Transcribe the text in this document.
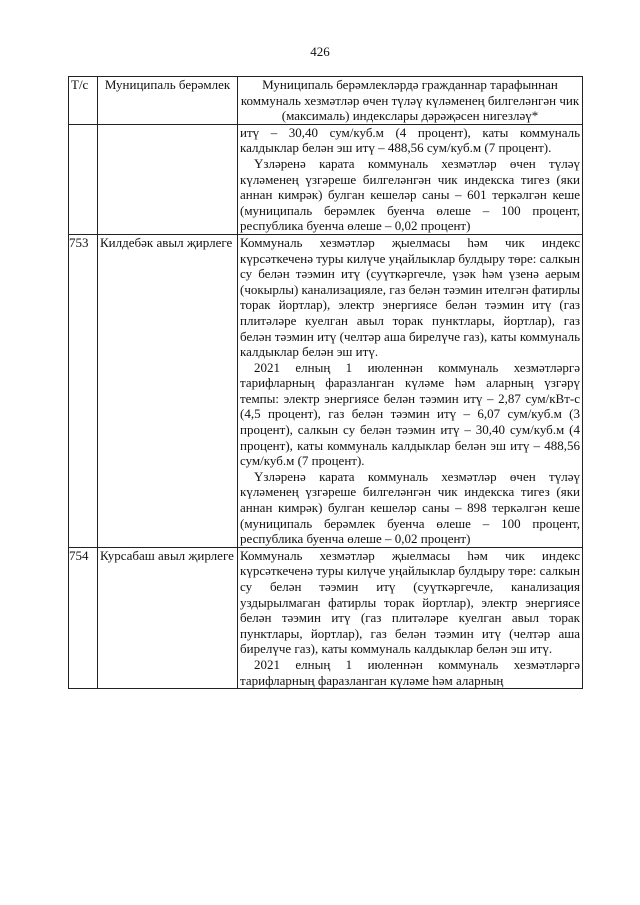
426
Т/с	Муниципаль берәмлек	Муниципаль берәмлекләрдә гражданнар тарафыннан коммуналь хезмәтләр өчен түләү күләменең билгеләнгән чик (максималь) индекслары дәрәҗәсен нигезләү*

		итү – 30,40 сум/куб.м (4 процент), каты коммуналь калдыклар белән эш итү – 488,56 сум/куб.м (7 процент).

Үзләренә карата коммуналь хезмәтләр өчен түләү күләменең үзгәреше билгеләнгән чик индекска тигез (яки аннан кимрәк) булган кешеләр саны – 601 теркәлгән кеше (муниципаль берәмлек буенча өлеше – 100 процент, республика буенча өлеше – 0,02 процент)

753	Килдебәк авыл җирлеге	Коммуналь хезмәтләр җыелмасы һәм чик индекс күрсәткеченә туры килүче уңайлыклар булдыру төре: салкын су белән тәэмин итү (суүткәргечле, үзәк һәм үзенә аерым (чокырлы) канализацияле, газ белән тәэмин ителгән фатирлы торак йортлар), электр энергиясе белән тәэмин итү (газ плитәләре куелган авыл торак пунктлары, йортлар), газ белән тәэмин итү (челтәр аша бирелүче газ), каты коммуналь калдыклар белән эш итү.

2021 елның 1 июленнән коммуналь хезмәтләргә тарифларның фаразланган күләме һәм аларның үзгәрү темпы: электр энергиясе белән тәэмин итү – 2,87 сум/кВт-с (4,5 процент), газ белән тәэмин итү – 6,07 сум/куб.м (3 процент), салкын су белән тәэмин итү – 30,40 сум/куб.м (4 процент), каты коммуналь калдыклар белән эш итү – 488,56 сум/куб.м (7 процент).

Үзләренә карата коммуналь хезмәтләр өчен түләү күләменең үзгәреше билгеләнгән чик индекска тигез (яки аннан кимрәк) булган кешеләр саны – 898 теркәлгән кеше (муниципаль берәмлек буенча өлеше – 100 процент, республика буенча өлеше – 0,02 процент)

754	Курсабаш авыл җирлеге	Коммуналь хезмәтләр җыелмасы һәм чик индекс күрсәткеченә туры килүче уңайлыклар булдыру төре: салкын су белән тәэмин итү (суүткәргечле, канализация уздырылмаган фатирлы торак йортлар), электр энергиясе белән тәэмин итү (газ плитәләре куелган авыл торак пунктлары, йортлар), газ белән тәэмин итү (челтәр аша бирелүче газ), каты коммуналь калдыклар белән эш итү.

2021 елның 1 июленнән коммуналь хезмәтләргә тарифларның фаразланган күләме һәм аларның
